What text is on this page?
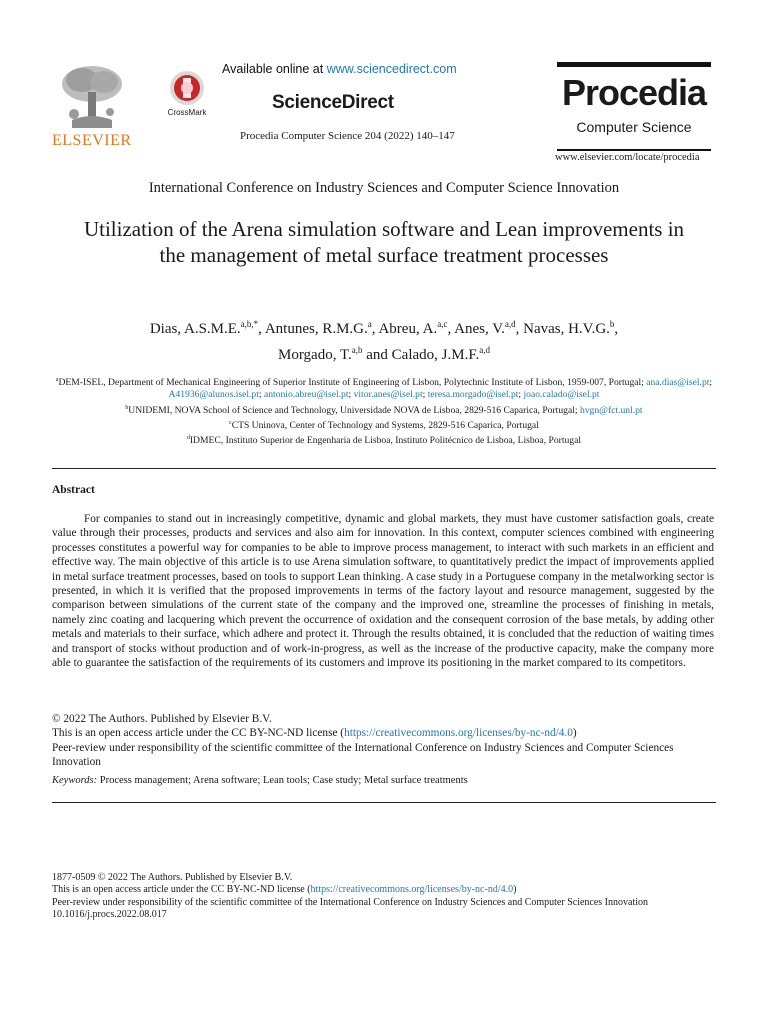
ELSEVIER
CrossMark
Available online at www.sciencedirect.com
ScienceDirect
Procedia Computer Science 204 (2022) 140–147
Procedia
Computer Science
www.elsevier.com/locate/procedia
International Conference on Industry Sciences and Computer Science Innovation
Utilization of the Arena simulation software and Lean improvements in the management of metal surface treatment processes
Dias, A.S.M.E.$^{a,b,*}$, Antunes, R.M.G.$^a$, Abreu, A.$^{a,c}$, Anes, V.$^{a,d}$, Navas, H.V.G.$^b$,
Morgado, T.$^{a,b}$ and Calado, J.M.F.$^{a,d}$
$^a$DEM-ISEL, Department of Mechanical Engineering of Superior Institute of Engineering of Lisbon, Polytechnic Institute of Lisbon, 1959-007, Portugal; ana.dias@isel.pt; A41936@alunos.isel.pt; antonio.abreu@isel.pt; vitor.anes@isel.pt; teresa.morgado@isel.pt; joao.calado@isel.pt
$^b$UNIDEMI, NOVA School of Science and Technology, Universidade NOVA de Lisboa, 2829-516 Caparica, Portugal; hvgn@fct.unl.pt
$^c$CTS Uninova, Center of Technology and Systems, 2829-516 Caparica, Portugal
$^d$IDMEC, Instituto Superior de Engenharia de Lisboa, Instituto Politécnico de Lisboa, Lisboa, Portugal
Abstract
For companies to stand out in increasingly competitive, dynamic and global markets, they must have customer satisfaction goals, create value through their processes, products and services and also aim for innovation. In this context, computer sciences combined with engineering processes constitutes a powerful way for companies to be able to improve process management, to interact with such markets in an efficient and effective way. The main objective of this article is to use Arena simulation software, to quantitatively predict the impact of improvements applied in metal surface treatment processes, based on tools to support Lean thinking. A case study in a Portuguese company in the metalworking sector is presented, in which it is verified that the proposed improvements in terms of the factory layout and resource management, suggested by the comparison between simulations of the current state of the company and the improved one, streamline the processes of finishing in metals, namely zinc coating and lacquering which prevent the occurrence of oxidation and the consequent corrosion of the base metals, by adding other metals and materials to their surface, which adhere and protect it. Through the results obtained, it is concluded that the reduction of waiting times and transport of stocks without production and of work-in-progress, as well as the increase of the productive capacity, make the company more able to guarantee the satisfaction of the requirements of its customers and improve its positioning in the market compared to its competitors.
© 2022 The Authors. Published by Elsevier B.V.
This is an open access article under the CC BY-NC-ND license (https://creativecommons.org/licenses/by-nc-nd/4.0)
Peer-review under responsibility of the scientific committee of the International Conference on Industry Sciences and Computer Sciences Innovation
Keywords: Process management; Arena software; Lean tools; Case study; Metal surface treatments
1877-0509 © 2022 The Authors. Published by Elsevier B.V.
This is an open access article under the CC BY-NC-ND license (https://creativecommons.org/licenses/by-nc-nd/4.0)
Peer-review under responsibility of the scientific committee of the International Conference on Industry Sciences and Computer Sciences Innovation
10.1016/j.procs.2022.08.017
